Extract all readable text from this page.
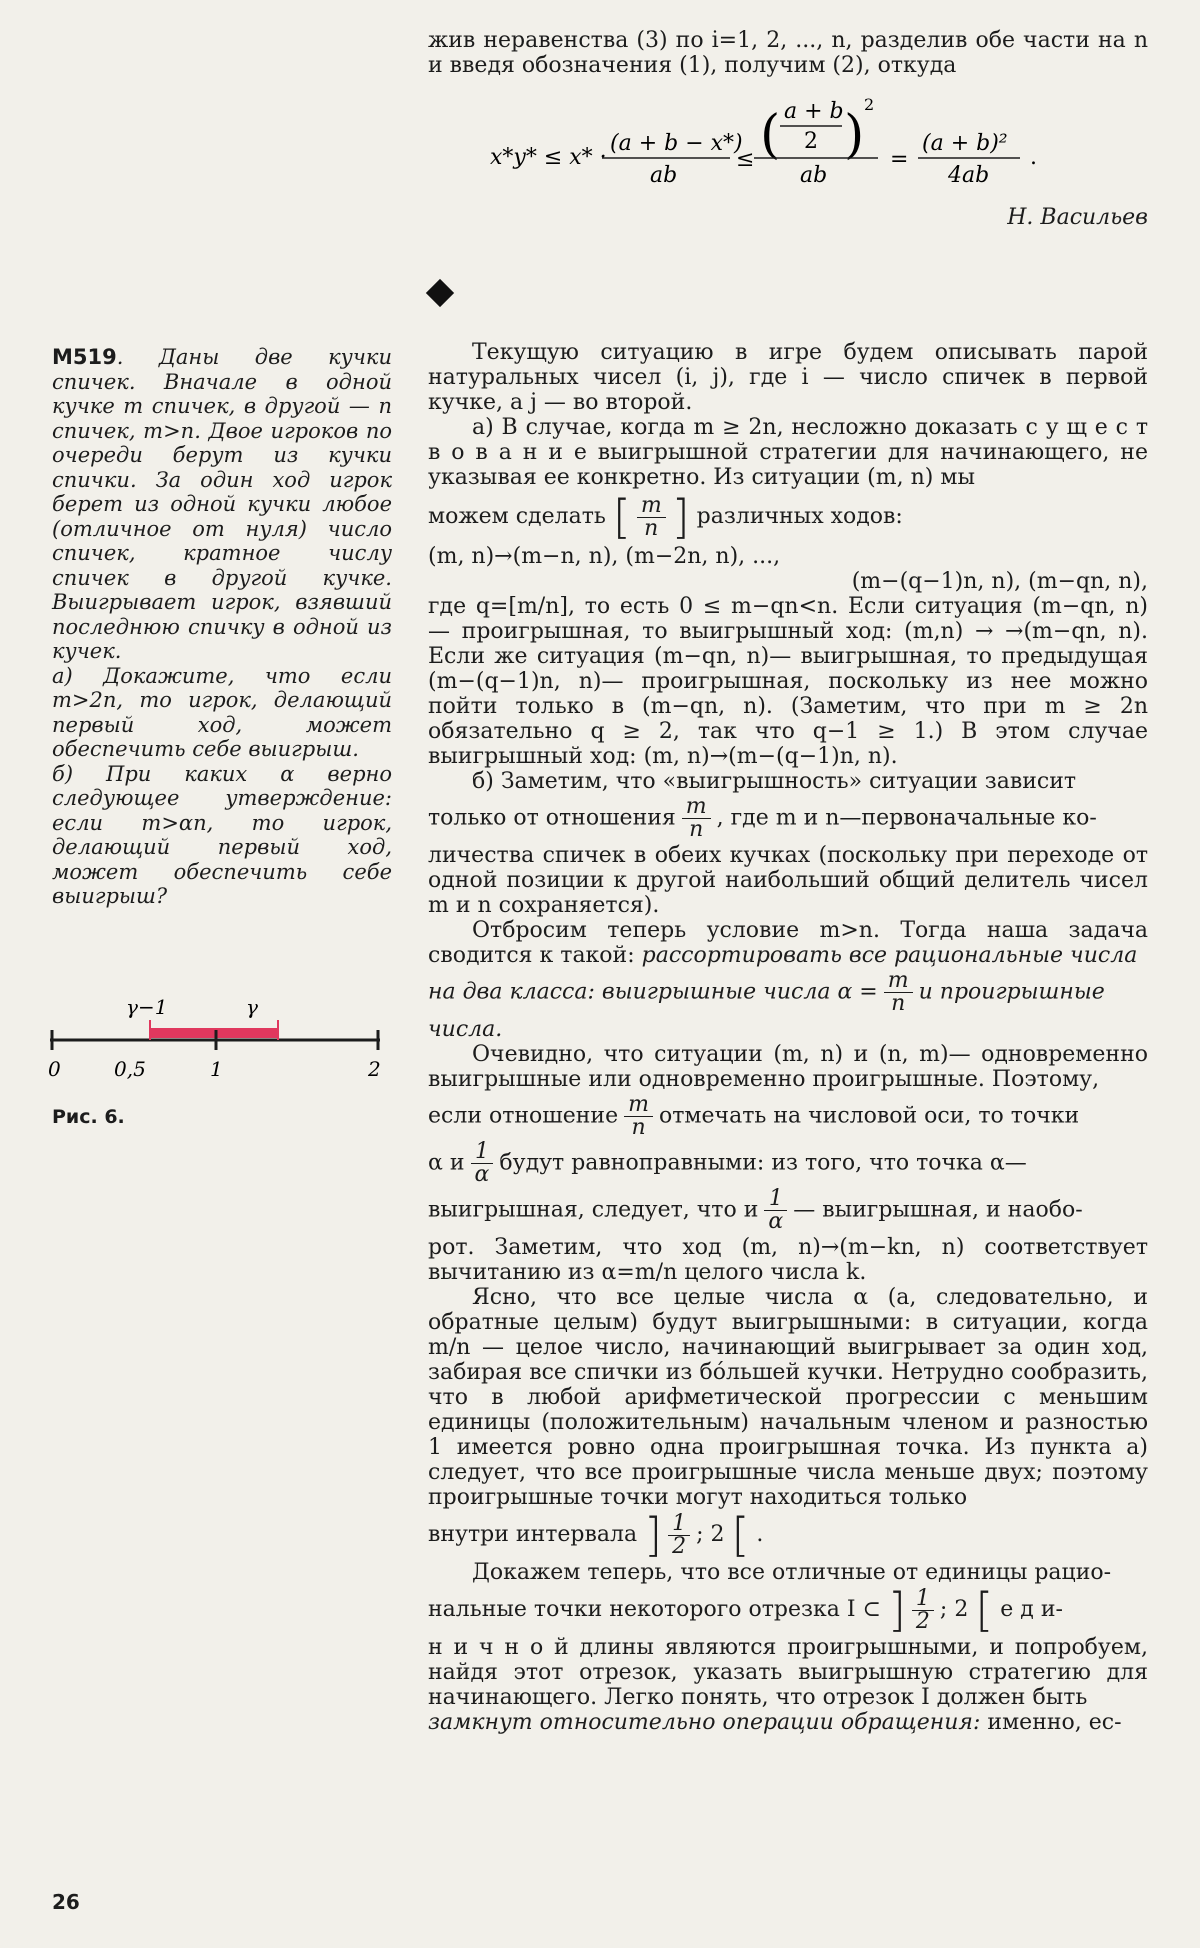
жив неравенства (3) по i=1, 2, ..., n, разделив обе части на n и введя обозначения (1), получим (2), откуда

x*y* ≤ x* ·
(a + b − x*)
ab
≤ ( a + b
2 )
2
ab
=
(a + b)²
4ab
.
Н. Васильев

М519. Даны две кучки спичек. Вначале в одной кучке m спичек, в другой — n спичек, m>n. Двое игроков по очереди берут из кучки спички. За один ход игрок берет из одной кучки любое (отличное от нуля) число спичек, кратное числу спичек в другой кучке. Выигрывает игрок, взявший последнюю спичку в одной из кучек.

а) Докажите, что если m>2n, то игрок, делающий первый ход, может обеспечить себе выигрыш.

б) При каких α верно следующее утверждение: если m>αn, то игрок, делающий первый ход, может обеспечить себе выигрыш?

γ−1	γ
0	0,5	1	2
Рис. 6.

Текущую ситуацию в игре будем описывать парой натуральных чисел (i, j), где i — число спичек в первой кучке, а j — во второй.

а) В случае, когда m ≥ 2n, несложно доказать с у щ е с т в о в а н и е выигрышной стратегии для начинающего, не указывая ее конкретно. Из ситуации (m, n) мы

можем сделать [ $\frac{m}{n}$ ] различных ходов:

(m, n)→(m−n, n), (m−2n, n), ...,

(m−(q−1)n, n), (m−qn, n),

где q=[m/n], то есть 0 ≤ m−qn<n. Если ситуация (m−qn, n) — проигрышная, то выигрышный ход: (m,n) → →(m−qn, n). Если же ситуация (m−qn, n)— выигрышная, то предыдущая (m−(q−1)n, n)— проигрышная, поскольку из нее можно пойти только в (m−qn, n). (Заметим, что при m ≥ 2n обязательно q ≥ 2, так что q−1 ≥ 1.) В этом случае выигрышный ход: (m, n)→(m−(q−1)n, n).

б) Заметим, что «выигрышность» ситуации зависит

только от отношения $\frac{m}{n}$ , где m и n—первоначальные ко-

личества спичек в обеих кучках (поскольку при переходе от одной позиции к другой наибольший общий делитель чисел m и n сохраняется).

Отбросим теперь условие m>n. Тогда наша задача сводится к такой: рассортировать все рациональные числа

на два класса: выигрышные числа $\alpha = \frac{m}{n}$ и проигрышные

числа.

Очевидно, что ситуации (m, n) и (n, m)— одновременно выигрышные или одновременно проигрышные. Поэтому,

если отношение $\frac{m}{n}$ отмечать на числовой оси, то точки

α и $\frac{1}{\alpha}$ будут равноправными: из того, что точка α—

выигрышная, следует, что и $\frac{1}{\alpha}$ — выигрышная, и наобо-

рот. Заметим, что ход (m, n)→(m−kn, n) соответствует вычитанию из α=m/n целого числа k.

Ясно, что все целые числа α (а, следовательно, и обратные целым) будут выигрышными: в ситуации, когда m/n — целое число, начинающий выигрывает за один ход, забирая все спички из бóльшей кучки. Нетрудно сообразить, что в любой арифметической прогрессии с меньшим единицы (положительным) начальным членом и разностью 1 имеется ровно одна проигрышная точка. Из пункта а) следует, что все проигрышные числа меньше двух; поэтому проигрышные точки могут находиться только

внутри интервала ] $\frac{1}{2}$ ; 2 [ .

Докажем теперь, что все отличные от единицы рацио-

нальные точки некоторого отрезка I ⊂ ] $\frac{1}{2}$ ; 2 [ е д и-

н и ч н о й длины являются проигрышными, и попробуем, найдя этот отрезок, указать выигрышную стратегию для начинающего. Легко понять, что отрезок I должен быть

замкнут относительно операции обращения: именно, ес-

26
